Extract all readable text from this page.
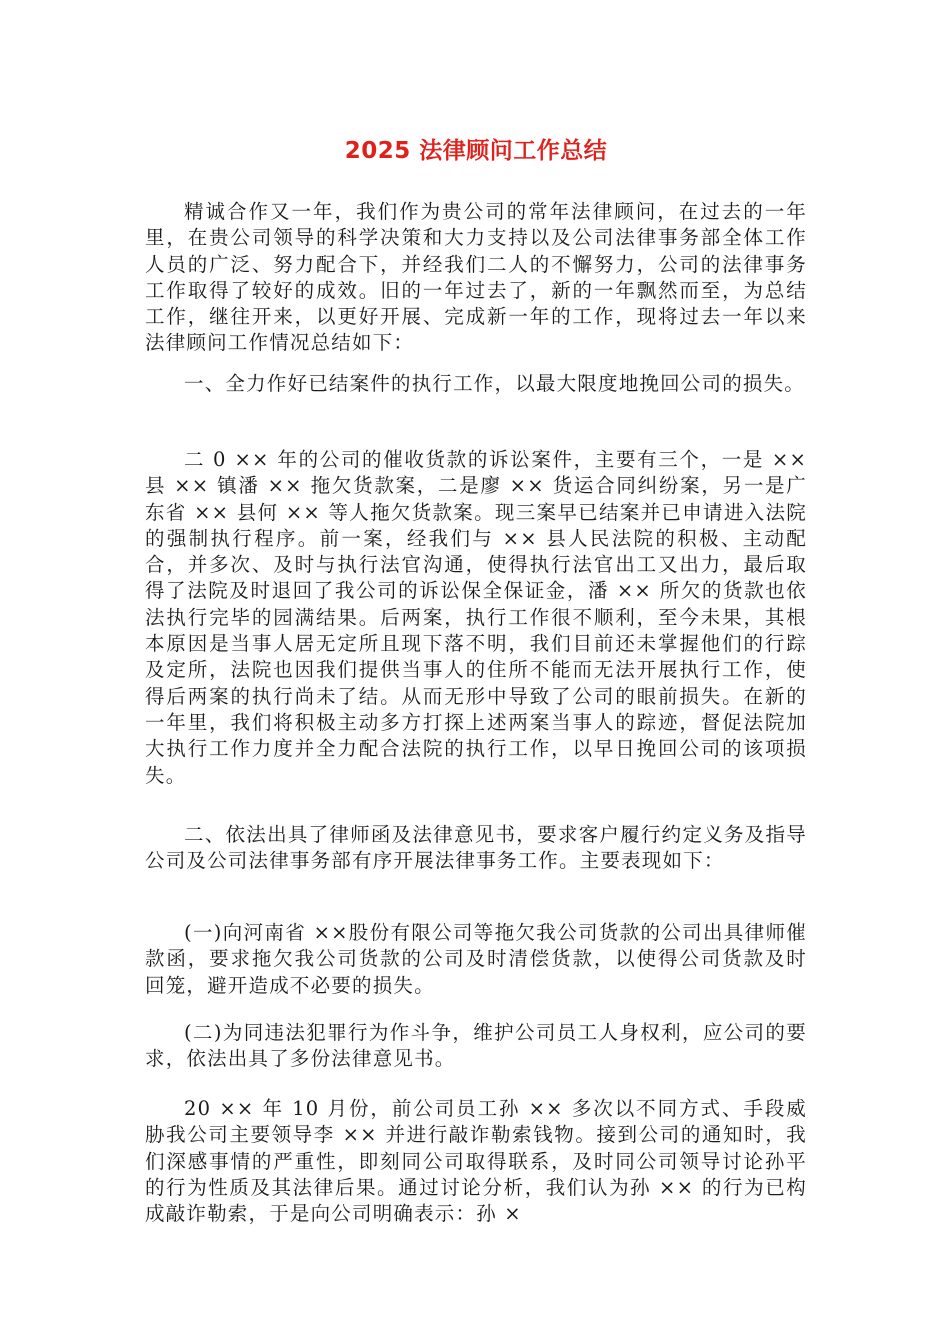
2025 法律顾问工作总结

精诚合作又一年，我们作为贵公司的常年法律顾问，在过去的一年里，在贵公司领导的科学决策和大力支持以及公司法律事务部全体工作人员的广泛、努力配合下，并经我们二人的不懈努力，公司的法律事务工作取得了较好的成效。旧的一年过去了，新的一年飘然而至，为总结工作，继往开来，以更好开展、完成新一年的工作，现将过去一年以来法律顾问工作情况总结如下：

一、全力作好已结案件的执行工作，以最大限度地挽回公司的损失。

二 0 ×× 年的公司的催收货款的诉讼案件，主要有三个，一是 ×× 县 ×× 镇潘 ×× 拖欠货款案，二是廖 ×× 货运合同纠纷案，另一是广东省 ×× 县何 ×× 等人拖欠货款案。现三案早已结案并已申请进入法院的强制执行程序。前一案，经我们与 ×× 县人民法院的积极、主动配合，并多次、及时与执行法官沟通，使得执行法官出工又出力，最后取得了法院及时退回了我公司的诉讼保全保证金，潘 ×× 所欠的货款也依法执行完毕的园满结果。后两案，执行工作很不顺利，至今未果，其根本原因是当事人居无定所且现下落不明，我们目前还未掌握他们的行踪及定所，法院也因我们提供当事人的住所不能而无法开展执行工作，使得后两案的执行尚未了结。从而无形中导致了公司的眼前损失。在新的一年里，我们将积极主动多方打探上述两案当事人的踪迹，督促法院加大执行工作力度并全力配合法院的执行工作，以早日挽回公司的该项损失。

二、依法出具了律师函及法律意见书，要求客户履行约定义务及指导公司及公司法律事务部有序开展法律事务工作。主要表现如下：

(一)向河南省 ××股份有限公司等拖欠我公司货款的公司出具律师催款函，要求拖欠我公司货款的公司及时清偿货款，以使得公司货款及时回笼，避开造成不必要的损失。

(二)为同违法犯罪行为作斗争，维护公司员工人身权利，应公司的要求，依法出具了多份法律意见书。

20 ×× 年 10 月份，前公司员工孙 ×× 多次以不同方式、手段威胁我公司主要领导李 ×× 并进行敲诈勒索钱物。接到公司的通知时，我们深感事情的严重性，即刻同公司取得联系，及时同公司领导讨论孙平的行为性质及其法律后果。通过讨论分析，我们认为孙 ×× 的行为已构成敲诈勒索，于是向公司明确表示：孙 ×
